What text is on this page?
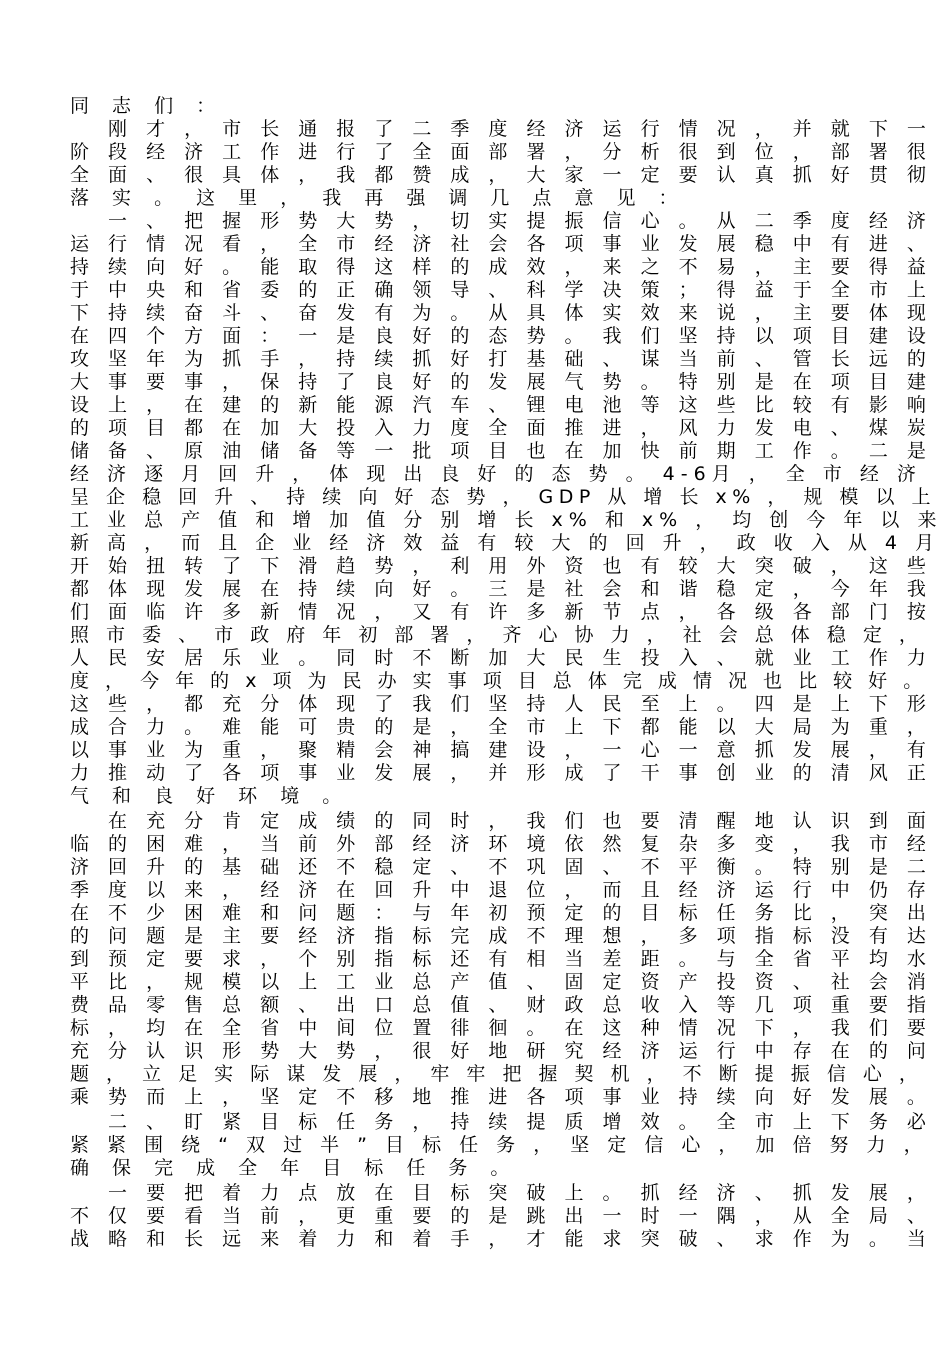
同 志 们 ：
　 刚 才 ， 市 长 通 报 了 二 季 度 经 济 运 行 情 况 ， 并 就 下 一
阶 段 经 济 工 作 进 行 了 全 面 部 署 ， 分 析 很 到 位 ， 部 署 很
全 面 、 很 具 体 ， 我 都 赞 成 ， 大 家 一 定 要 认 真 抓 好 贯 彻
落 实 。 这 里 ， 我 再 强 调 几 点 意 见 ：
　 一 、 把 握 形 势 大 势 ， 切 实 提 振 信 心 。 从 二 季 度 经 济
运 行 情 况 看 ， 全 市 经 济 社 会 各 项 事 业 发 展 稳 中 有 进 、
持 续 向 好 。 能 取 得 这 样 的 成 效 ， 来 之 不 易 ， 主 要 得 益
于 中 央 和 省 委 的 正 确 领 导 、 科 学 决 策 ； 得 益 于 全 市 上
下 持 续 奋 斗 、 奋 发 有 为 。 从 具 体 实 效 来 说 ， 主 要 体 现
在 四 个 方 面 ： 一 是 良 好 的 态 势 。 我 们 坚 持 以 项 目 建 设
攻 坚 年 为 抓 手 ， 持 续 抓 好 打 基 础 、 谋 当 前 、 管 长 远 的
大 事 要 事 ， 保 持 了 良 好 的 发 展 气 势 。 特 别 是 在 项 目 建
设 上 ， 在 建 的 新 能 源 汽 车 、 锂 电 池 等 这 些 比 较 有 影 响
的 项 目 都 在 加 大 投 入 力 度 全 面 推 进 ， 风 力 发 电 、 煤 炭
储 备 、 原 油 储 备 等 一 批 项 目 也 在 加 快 前 期 工 作 。 二 是
经 济 逐 月 回 升 ， 体 现 出 良 好 的 态 势 。 4-6月 ， 全 市 经 济
呈 企 稳 回 升 、 持 续 向 好 态 势 ， GDP 从 增 长 x% ， 规 模 以 上
工 业 总 产 值 和 增 加 值 分 别 增 长 x% 和 x% ， 均 创 今 年 以 来
新 高 ， 而 且 企 业 经 济 效 益 有 较 大 的 回 升 ， 政 收 入 从 4 月
开 始 扭 转 了 下 滑 趋 势 ， 利 用 外 资 也 有 较 大 突 破 ， 这 些
都 体 现 发 展 在 持 续 向 好 。 三 是 社 会 和 谐 稳 定 ， 今 年 我
们 面 临 许 多 新 情 况 ， 又 有 许 多 新 节 点 ， 各 级 各 部 门 按
照 市 委 、 市 政 府 年 初 部 署 ， 齐 心 协 力 ， 社 会 总 体 稳 定 ，
人 民 安 居 乐 业 。 同 时 不 断 加 大 民 生 投 入 、 就 业 工 作 力
度 ， 今 年 的 x 项 为 民 办 实 事 项 目 总 体 完 成 情 况 也 比 较 好 。
这 些 ， 都 充 分 体 现 了 我 们 坚 持 人 民 至 上 。 四 是 上 下 形
成 合 力 。 难 能 可 贵 的 是 ， 全 市 上 下 都 能 以 大 局 为 重 ，
以 事 业 为 重 ， 聚 精 会 神 搞 建 设 ， 一 心 一 意 抓 发 展 ， 有
力 推 动 了 各 项 事 业 发 展 ， 并 形 成 了 干 事 创 业 的 清 风 正
气 和 良 好 环 境 。
　 在 充 分 肯 定 成 绩 的 同 时 ， 我 们 也 要 清 醒 地 认 识 到 面
临 的 困 难 ， 当 前 外 部 经 济 环 境 依 然 复 杂 多 变 ， 我 市 经
济 回 升 的 基 础 还 不 稳 定 、 不 巩 固 、 不 平 衡 。 特 别 是 二
季 度 以 来 ， 经 济 在 回 升 中 退 位 ， 而 且 经 济 运 行 中 仍 存
在 不 少 困 难 和 问 题 ： 与 年 初 预 定 的 目 标 任 务 比 ， 突 出
的 问 题 是 主 要 经 济 指 标 完 成 不 理 想 ， 多 项 指 标 没 有 达
到 预 定 要 求 ， 个 别 指 标 还 有 相 当 差 距 。 与 全 省 平 均 水
平 比 ， 规 模 以 上 工 业 总 产 值 、 固 定 资 产 投 资 、 社 会 消
费 品 零 售 总 额 、 出 口 总 值 、 财 政 总 收 入 等 几 项 重 要 指
标 ， 均 在 全 省 中 间 位 置 徘 徊 。 在 这 种 情 况 下 ， 我 们 要
充 分 认 识 形 势 大 势 ， 很 好 地 研 究 经 济 运 行 中 存 在 的 问
题 ， 立 足 实 际 谋 发 展 ， 牢 牢 把 握 契 机 ， 不 断 提 振 信 心 ，
乘 势 而 上 ， 坚 定 不 移 地 推 进 各 项 事 业 持 续 向 好 发 展 。
　 二 、 盯 紧 目 标 任 务 ， 持 续 提 质 增 效 。 全 市 上 下 务 必
紧 紧 围 绕 “ 双 过 半 ” 目 标 任 务 ， 坚 定 信 心 ， 加 倍 努 力 ，
确 保 完 成 全 年 目 标 任 务 。
　 一 要 把 着 力 点 放 在 目 标 突 破 上 。 抓 经 济 、 抓 发 展 ，
不 仅 要 看 当 前 ， 更 重 要 的 是 跳 出 一 时 一 隅 ， 从 全 局 、
战 略 和 长 远 来 着 力 和 着 手 ， 才 能 求 突 破 、 求 作 为 。 当
